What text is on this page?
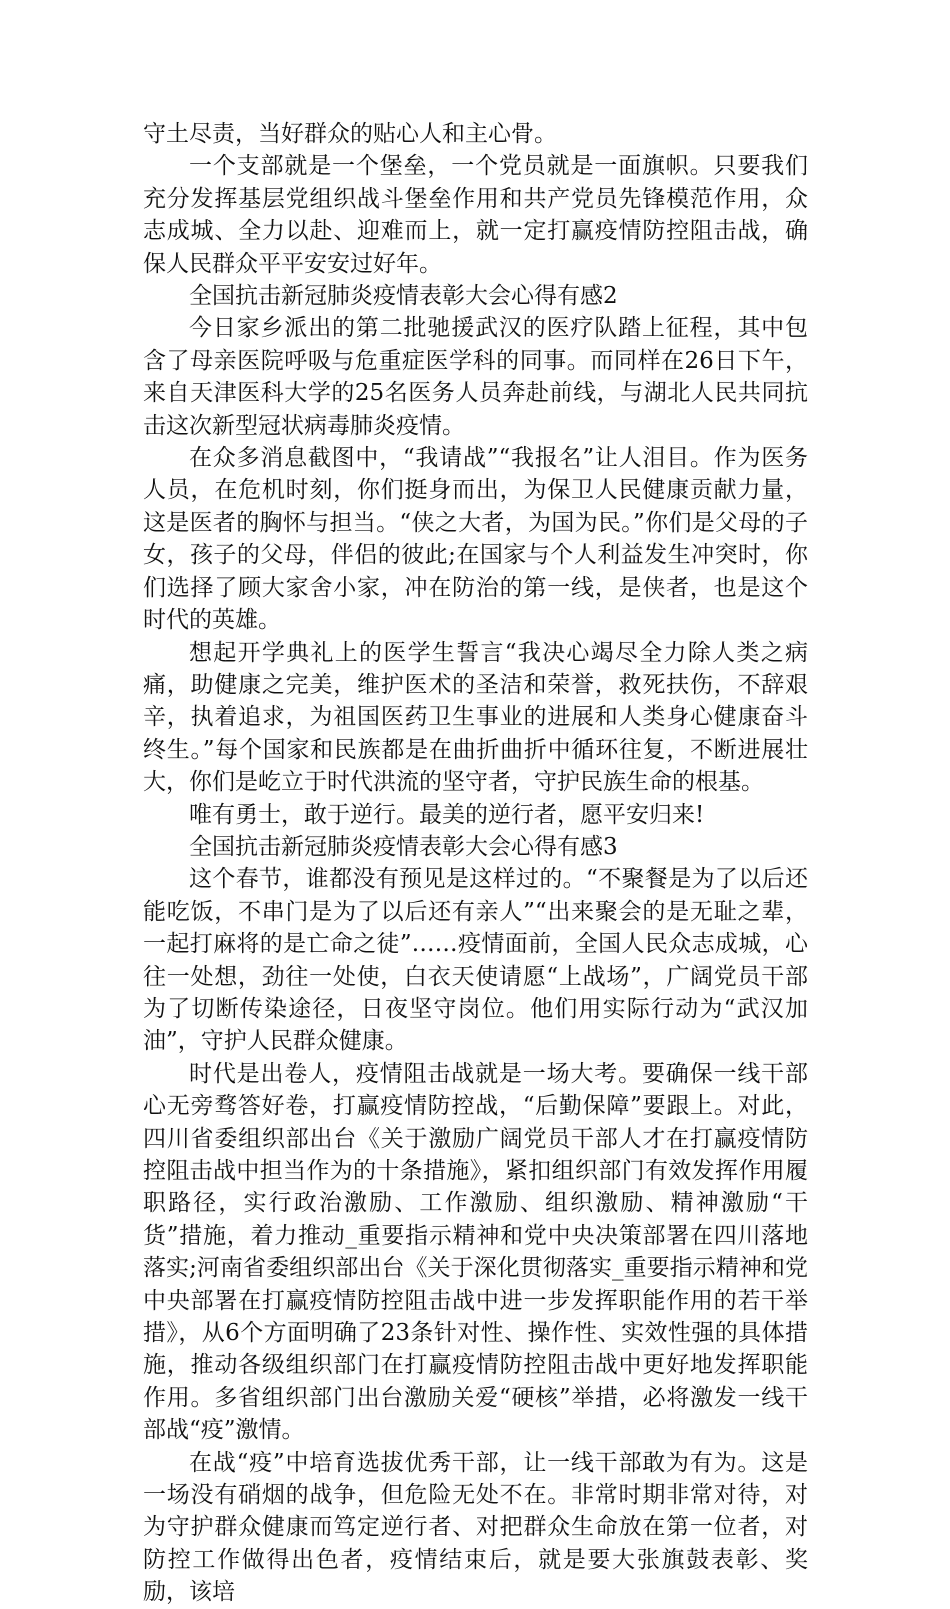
守土尽责，当好群众的贴心人和主心骨。

一个支部就是一个堡垒，一个党员就是一面旗帜。只要我们充分发挥基层党组织战斗堡垒作用和共产党员先锋模范作用，众志成城、全力以赴、迎难而上，就一定打赢疫情防控阻击战，确保人民群众平平安安过好年。

全国抗击新冠肺炎疫情表彰大会心得有感2

今日家乡派出的第二批驰援武汉的医疗队踏上征程，其中包含了母亲医院呼吸与危重症医学科的同事。而同样在26日下午，来自天津医科大学的25名医务人员奔赴前线，与湖北人民共同抗击这次新型冠状病毒肺炎疫情。

在众多消息截图中，“我请战”“我报名”让人泪目。作为医务人员，在危机时刻，你们挺身而出，为保卫人民健康贡献力量，这是医者的胸怀与担当。“侠之大者，为国为民。”你们是父母的子女，孩子的父母，伴侣的彼此;在国家与个人利益发生冲突时，你们选择了顾大家舍小家，冲在防治的第一线，是侠者，也是这个时代的英雄。

想起开学典礼上的医学生誓言“我决心竭尽全力除人类之病痛，助健康之完美，维护医术的圣洁和荣誉，救死扶伤，不辞艰辛，执着追求，为祖国医药卫生事业的进展和人类身心健康奋斗终生。”每个国家和民族都是在曲折曲折中循环往复，不断进展壮大，你们是屹立于时代洪流的坚守者，守护民族生命的根基。

唯有勇士，敢于逆行。最美的逆行者，愿平安归来!

全国抗击新冠肺炎疫情表彰大会心得有感3

这个春节，谁都没有预见是这样过的。“不聚餐是为了以后还能吃饭，不串门是为了以后还有亲人”“出来聚会的是无耻之辈，一起打麻将的是亡命之徒”……疫情面前，全国人民众志成城，心往一处想，劲往一处使，白衣天使请愿“上战场”，广阔党员干部为了切断传染途径，日夜坚守岗位。他们用实际行动为“武汉加油”，守护人民群众健康。

时代是出卷人，疫情阻击战就是一场大考。要确保一线干部心无旁骛答好卷，打赢疫情防控战，“后勤保障”要跟上。对此，四川省委组织部出台《关于激励广阔党员干部人才在打赢疫情防控阻击战中担当作为的十条措施》，紧扣组织部门有效发挥作用履职路径，实行政治激励、工作激励、组织激励、精神激励“干货”措施，着力推动_重要指示精神和党中央决策部署在四川落地落实;河南省委组织部出台《关于深化贯彻落实_重要指示精神和党中央部署在打赢疫情防控阻击战中进一步发挥职能作用的若干举措》，从6个方面明确了23条针对性、操作性、实效性强的具体措施，推动各级组织部门在打赢疫情防控阻击战中更好地发挥职能作用。多省组织部门出台激励关爱“硬核”举措，必将激发一线干部战“疫”激情。

在战“疫”中培育选拔优秀干部，让一线干部敢为有为。这是一场没有硝烟的战争，但危险无处不在。非常时期非常对待，对为守护群众健康而笃定逆行者、对把群众生命放在第一位者，对防控工作做得出色者，疫情结束后，就是要大张旗鼓表彰、奖励，该培
